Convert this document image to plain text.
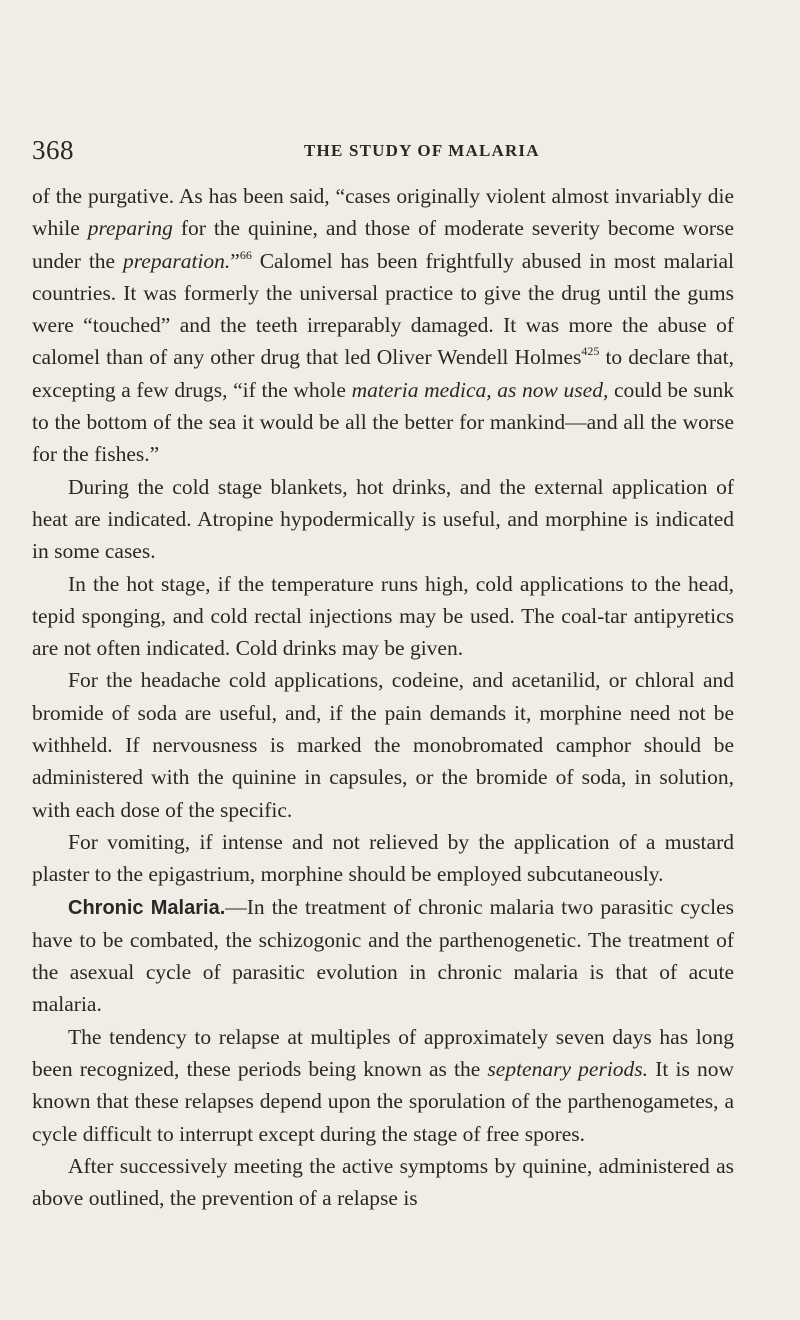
368	THE STUDY OF MALARIA

of the purgative. As has been said, “cases originally violent almost invariably die while preparing for the quinine, and those of moderate severity become worse under the preparation.”$^{66}$ Calomel has been frightfully abused in most malarial countries. It was formerly the universal practice to give the drug until the gums were “touched” and the teeth irreparably damaged. It was more the abuse of calomel than of any other drug that led Oliver Wendell Holmes$^{425}$ to declare that, excepting a few drugs, “if the whole materia medica, as now used, could be sunk to the bottom of the sea it would be all the better for mankind—and all the worse for the fishes.”

During the cold stage blankets, hot drinks, and the external application of heat are indicated. Atropine hypodermically is useful, and morphine is indicated in some cases.

In the hot stage, if the temperature runs high, cold applications to the head, tepid sponging, and cold rectal injections may be used. The coal-tar antipyretics are not often indicated. Cold drinks may be given.

For the headache cold applications, codeine, and acetanilid, or chloral and bromide of soda are useful, and, if the pain demands it, morphine need not be withheld. If nervousness is marked the monobromated camphor should be administered with the quinine in capsules, or the bromide of soda, in solution, with each dose of the specific.

For vomiting, if intense and not relieved by the application of a mustard plaster to the epigastrium, morphine should be employed subcutaneously.

Chronic Malaria.—In the treatment of chronic malaria two parasitic cycles have to be combated, the schizogonic and the parthenogenetic. The treatment of the asexual cycle of parasitic evolution in chronic malaria is that of acute malaria.

The tendency to relapse at multiples of approximately seven days has long been recognized, these periods being known as the septenary periods. It is now known that these relapses depend upon the sporulation of the parthenogametes, a cycle difficult to interrupt except during the stage of free spores.

After successively meeting the active symptoms by quinine, administered as above outlined, the prevention of a relapse is
